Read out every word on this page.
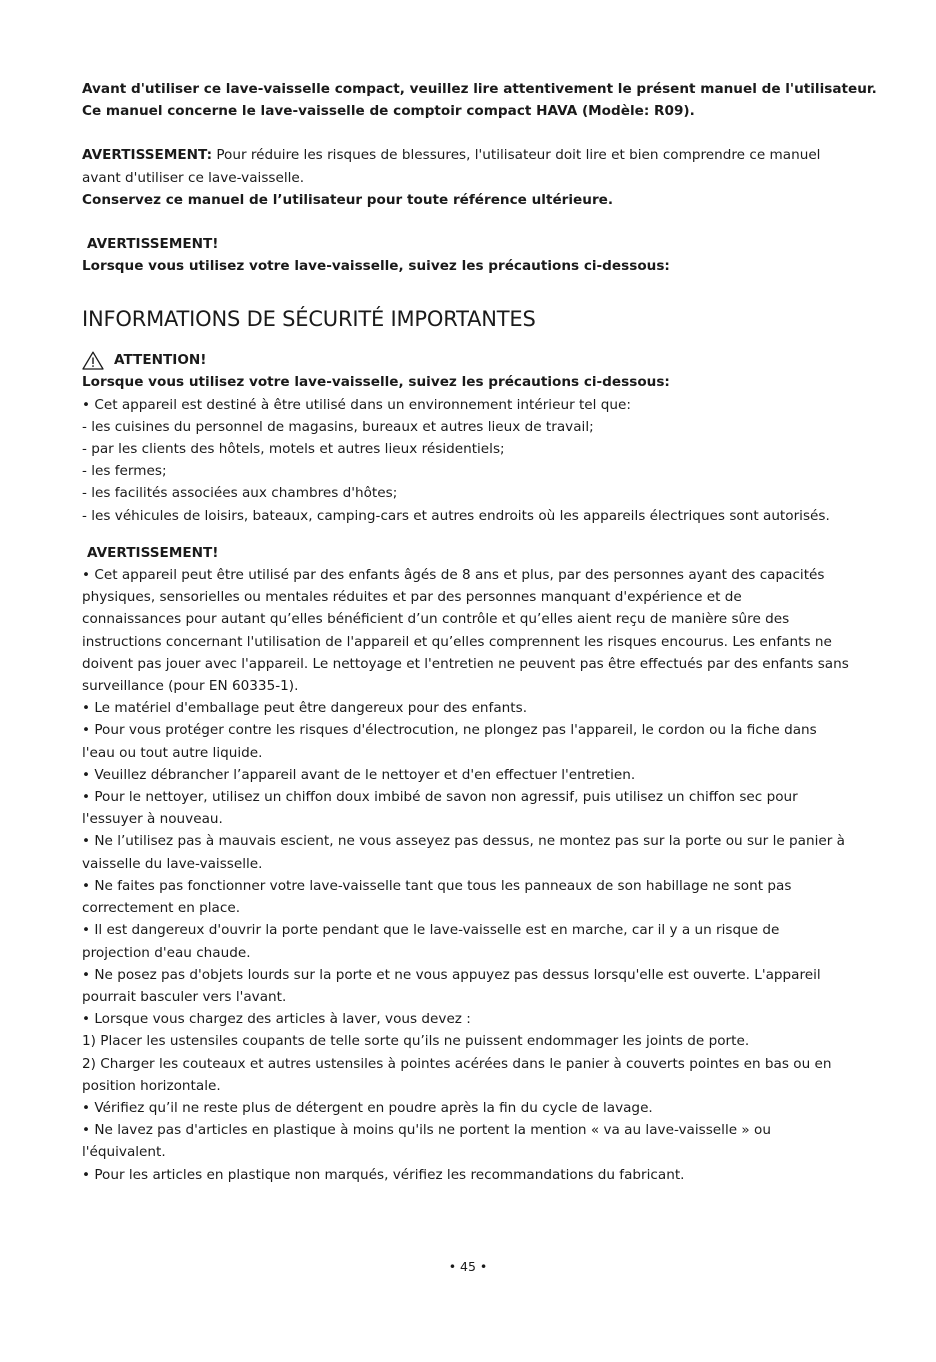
Avant d'utiliser ce lave-vaisselle compact, veuillez lire attentivement le présent manuel de l'utilisateur.
Ce manuel concerne le lave-vaisselle de comptoir compact HAVA (Modèle: R09).
AVERTISSEMENT: Pour réduire les risques de blessures, l'utilisateur doit lire et bien comprendre ce manuel
avant d'utiliser ce lave-vaisselle.
Conservez ce manuel de l’utilisateur pour toute référence ultérieure.
AVERTISSEMENT!
Lorsque vous utilisez votre lave-vaisselle, suivez les précautions ci-dessous:
INFORMATIONS DE SÉCURITÉ IMPORTANTES
ATTENTION!
Lorsque vous utilisez votre lave-vaisselle, suivez les précautions ci-dessous:
• Cet appareil est destiné à être utilisé dans un environnement intérieur tel que:
- les cuisines du personnel de magasins, bureaux et autres lieux de travail;
- par les clients des hôtels, motels et autres lieux résidentiels;
- les fermes;
- les facilités associées aux chambres d'hôtes;
- les véhicules de loisirs, bateaux, camping-cars et autres endroits où les appareils électriques sont autorisés.
AVERTISSEMENT!
• Cet appareil peut être utilisé par des enfants âgés de 8 ans et plus, par des personnes ayant des capacités
physiques, sensorielles ou mentales réduites et par des personnes manquant d'expérience et de
connaissances pour autant qu’elles bénéficient d’un contrôle et qu’elles aient reçu de manière sûre des
instructions concernant l'utilisation de l'appareil et qu’elles comprennent les risques encourus. Les enfants ne
doivent pas jouer avec l'appareil. Le nettoyage et l'entretien ne peuvent pas être effectués par des enfants sans
surveillance (pour EN 60335-1).
• Le matériel d'emballage peut être dangereux pour des enfants.
• Pour vous protéger contre les risques d'électrocution, ne plongez pas l'appareil, le cordon ou la fiche dans
l'eau ou tout autre liquide.
• Veuillez débrancher l’appareil avant de le nettoyer et d'en effectuer l'entretien.
• Pour le nettoyer, utilisez un chiffon doux imbibé de savon non agressif, puis utilisez un chiffon sec pour
l'essuyer à nouveau.
• Ne l’utilisez pas à mauvais escient, ne vous asseyez pas dessus, ne montez pas sur la porte ou sur le panier à
vaisselle du lave-vaisselle.
• Ne faites pas fonctionner votre lave-vaisselle tant que tous les panneaux de son habillage ne sont pas
correctement en place.
• Il est dangereux d'ouvrir la porte pendant que le lave-vaisselle est en marche, car il y a un risque de
projection d'eau chaude.
• Ne posez pas d'objets lourds sur la porte et ne vous appuyez pas dessus lorsqu'elle est ouverte. L'appareil
pourrait basculer vers l'avant.
• Lorsque vous chargez des articles à laver, vous devez :
1) Placer les ustensiles coupants de telle sorte qu’ils ne puissent endommager les joints de porte.
2) Charger les couteaux et autres ustensiles à pointes acérées dans le panier à couverts pointes en bas ou en
position horizontale.
• Vérifiez qu’il ne reste plus de détergent en poudre après la fin du cycle de lavage.
• Ne lavez pas d'articles en plastique à moins qu'ils ne portent la mention « va au lave-vaisselle » ou
l'équivalent.
• Pour les articles en plastique non marqués, vérifiez les recommandations du fabricant.
• 45 •
